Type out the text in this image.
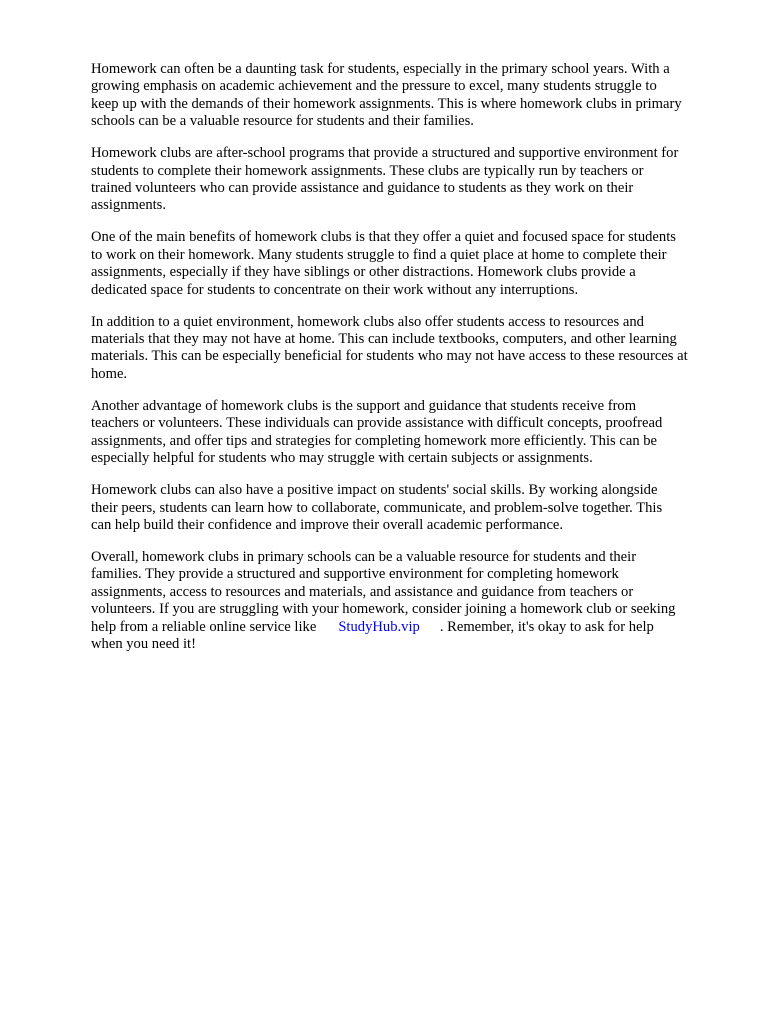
Homework can often be a daunting task for students, especially in the primary school years. With a
growing emphasis on academic achievement and the pressure to excel, many students struggle to
keep up with the demands of their homework assignments. This is where homework clubs in primary
schools can be a valuable resource for students and their families.

Homework clubs are after-school programs that provide a structured and supportive environment for
students to complete their homework assignments. These clubs are typically run by teachers or
trained volunteers who can provide assistance and guidance to students as they work on their
assignments.

One of the main benefits of homework clubs is that they offer a quiet and focused space for students
to work on their homework. Many students struggle to find a quiet place at home to complete their
assignments, especially if they have siblings or other distractions. Homework clubs provide a
dedicated space for students to concentrate on their work without any interruptions.

In addition to a quiet environment, homework clubs also offer students access to resources and
materials that they may not have at home. This can include textbooks, computers, and other learning
materials. This can be especially beneficial for students who may not have access to these resources at
home.

Another advantage of homework clubs is the support and guidance that students receive from
teachers or volunteers. These individuals can provide assistance with difficult concepts, proofread
assignments, and offer tips and strategies for completing homework more efficiently. This can be
especially helpful for students who may struggle with certain subjects or assignments.

Homework clubs can also have a positive impact on students' social skills. By working alongside
their peers, students can learn how to collaborate, communicate, and problem-solve together. This
can help build their confidence and improve their overall academic performance.

Overall, homework clubs in primary schools can be a valuable resource for students and their
families. They provide a structured and supportive environment for completing homework
assignments, access to resources and materials, and assistance and guidance from teachers or
volunteers. If you are struggling with your homework, consider joining a homework club or seeking
help from a reliable online service like StudyHub.vip . Remember, it's okay to ask for help
when you need it!
